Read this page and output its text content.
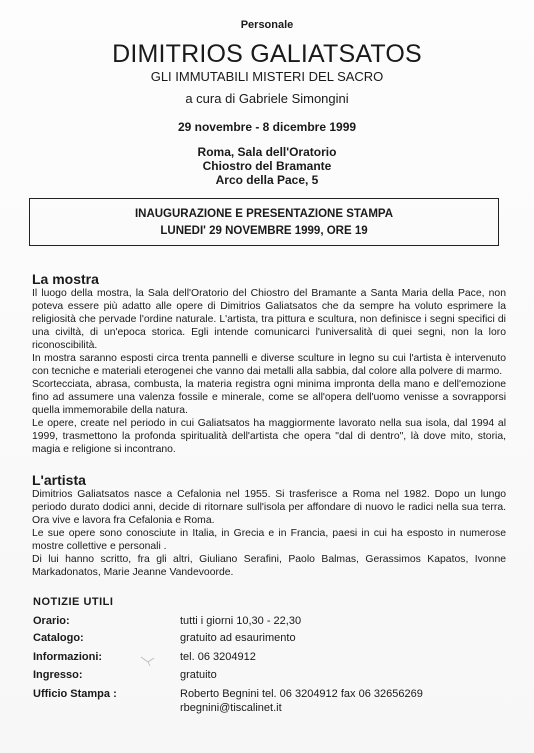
Personale
DIMITRIOS GALIATSATOS
GLI IMMUTABILI MISTERI DEL SACRO
a cura di Gabriele Simongini
29 novembre - 8 dicembre 1999
Roma, Sala dell'Oratorio
Chiostro del Bramante
Arco della Pace, 5
INAUGURAZIONE E PRESENTAZIONE STAMPA
LUNEDI' 29 NOVEMBRE 1999, ORE 19
La mostra

Il luogo della mostra, la Sala dell'Oratorio del Chiostro del Bramante a Santa Maria della Pace, non poteva essere più adatto alle opere di Dimitrios Galiatsatos che da sempre ha voluto esprimere la religiosità che pervade l'ordine naturale. L'artista, tra pittura e scultura, non definisce i segni specifici di una civiltà, di un'epoca storica. Egli intende comunicarci l'universalità di quei segni, non la loro riconoscibilità.

In mostra saranno esposti circa trenta pannelli e diverse sculture in legno su cui l'artista è intervenuto con tecniche e materiali eterogenei che vanno dai metalli alla sabbia, dal colore alla polvere di marmo.

Scortecciata, abrasa, combusta, la materia registra ogni minima impronta della mano e dell'emozione fino ad assumere una valenza fossile e minerale, come se all'opera dell'uomo venisse a sovrapporsi quella immemorabile della natura.

Le opere, create nel periodo in cui Galiatsatos ha maggiormente lavorato nella sua isola, dal 1994 al 1999, trasmettono la profonda spiritualità dell'artista che opera "dal di dentro", là dove mito, storia, magia e religione si incontrano.

L'artista

Dimitrios Galiatsatos nasce a Cefalonia nel 1955. Si trasferisce a Roma nel 1982. Dopo un lungo periodo durato dodici anni, decide di ritornare sull'isola per affondare di nuovo le radici nella sua terra. Ora vive e lavora fra Cefalonia e Roma.

Le sue opere sono conosciute in Italia, in Grecia e in Francia, paesi in cui ha esposto in numerose mostre collettive e personali .

Di lui hanno scritto, fra gli altri, Giuliano Serafini, Paolo Balmas, Gerassimos Kapatos, Ivonne Markadonatos, Marie Jeanne Vandevoorde.

NOTIZIE UTILI
Orario:	tutti i giorni 10,30 - 22,30
Catalogo:	gratuito ad esaurimento
Informazioni:	tel. 06 3204912
Ingresso:	gratuito
Ufficio Stampa :	Roberto Begnini tel. 06 3204912 fax 06 32656269
rbegnini@tiscalinet.it
